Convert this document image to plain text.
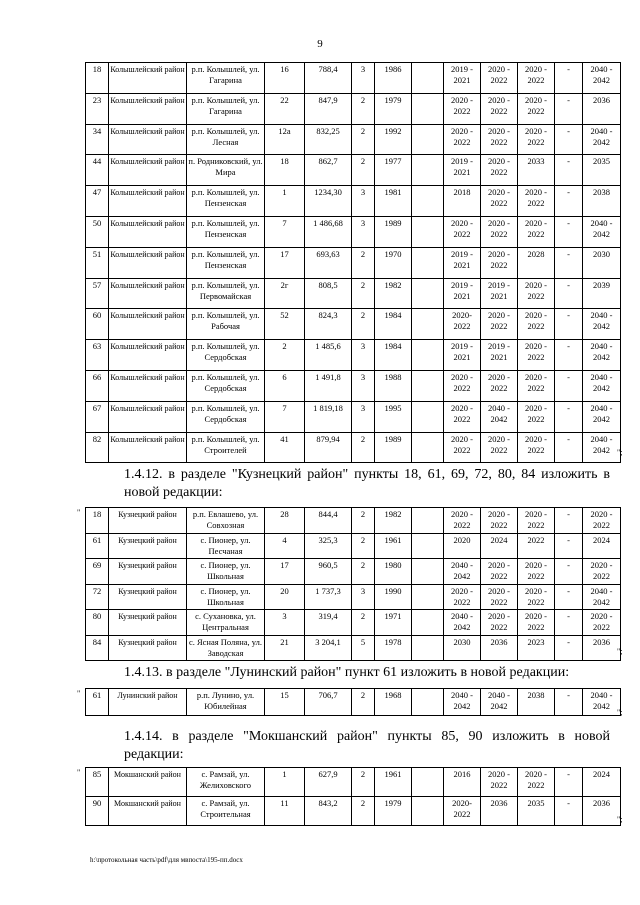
9
18	Колышлейский район	р.п. Колышлей, ул. Гагарина	16	788,4	3	1986		2019 - 2021	2020 - 2022	2020 - 2022	-	2040 - 2042
23	Колышлейский район	р.п. Колышлей, ул. Гагарина	22	847,9	2	1979		2020 - 2022	2020 - 2022	2020 - 2022	-	2036
34	Колышлейский район	р.п. Колышлей, ул. Лесная	12а	832,25	2	1992		2020 - 2022	2020 - 2022	2020 - 2022	-	2040 - 2042
44	Колышлейский район	п. Родниковский, ул. Мира	18	862,7	2	1977		2019 - 2021	2020 - 2022	2033	-	2035
47	Колышлейский район	р.п. Колышлей, ул. Пензенская	1	1234,30	3	1981		2018	2020 - 2022	2020 - 2022	-	2038
50	Колышлейский район	р.п. Колышлей, ул. Пензенская	7	1 486,68	3	1989		2020 - 2022	2020 - 2022	2020 - 2022	-	2040 - 2042
51	Колышлейский район	р.п. Колышлей, ул. Пензенская	17	693,63	2	1970		2019 - 2021	2020 - 2022	2028	-	2030
57	Колышлейский район	р.п. Колышлей, ул. Первомайская	2г	808,5	2	1982		2019 - 2021	2019 - 2021	2020 - 2022	-	2039
60	Колышлейский район	р.п. Колышлей, ул. Рабочая	52	824,3	2	1984		2020- 2022	2020 - 2022	2020 - 2022	-	2040 - 2042
63	Колышлейский район	р.п. Колышлей, ул. Сердобская	2	1 485,6	3	1984		2019 - 2021	2019 - 2021	2020 - 2022	-	2040 - 2042
66	Колышлейский район	р.п. Колышлей, ул. Сердобская	6	1 491,8	3	1988		2020 - 2022	2020 - 2022	2020 - 2022	-	2040 - 2042
67	Колышлейский район	р.п. Колышлей, ул. Сердобская	7	1 819,18	3	1995		2020 - 2022	2040 - 2042	2020 - 2022	-	2040 - 2042
82	Колышлейский район	р.п. Колышлей, ул. Строителей	41	879,94	2	1989		2020 - 2022	2020 - 2022	2020 - 2022	-	2040 - 2042 ";
1.4.12. в разделе "Кузнецкий район" пункты 18, 61, 69, 72, 80, 84 изложить в новой редакции:
" 18	Кузнецкий район	р.п. Евлашево, ул. Совхозная	28	844,4	2	1982		2020 - 2022	2020 - 2022	2020 - 2022	-	2020 - 2022
61	Кузнецкий район	с. Пионер, ул. Песчаная	4	325,3	2	1961		2020	2024	2022	-	2024
69	Кузнецкий район	с. Пионер, ул. Школьная	17	960,5	2	1980		2040 - 2042	2020 - 2022	2020 - 2022	-	2020 - 2022
72	Кузнецкий район	с. Пионер, ул. Школьная	20	1 737,3	3	1990		2020 - 2022	2020 - 2022	2020 - 2022	-	2040 - 2042
80	Кузнецкий район	с. Сухановка, ул. Центральная	3	319,4	2	1971		2040 - 2042	2020 - 2022	2020 - 2022	-	2020 - 2022
84	Кузнецкий район	с. Ясная Поляна, ул. Заводская	21	3 204,1	5	1978		2030	2036	2023	-	2036
";
1.4.13. в разделе "Лунинский район" пункт 61 изложить в новой редакции:
" 61	Лунинский район	р.п. Лунино, ул. Юбилейная	15	706,7	2	1968		2040 - 2042	2040 - 2042	2038	-	2040 - 2042
";
1.4.14. в разделе "Мокшанский район" пункты 85, 90 изложить в новой редакции:
" 85	Мокшанский район	с. Рамзай, ул. Желиховского	1	627,9	2	1961		2016	2020 - 2022	2020 - 2022	-	2024
90	Мокшанский район	с. Рамзай, ул. Строительная	11	843,2	2	1979		2020- 2022	2036	2035	-	2036
";
h:\протокольная часть\pdf\для мвпоста\195-пп.docx
